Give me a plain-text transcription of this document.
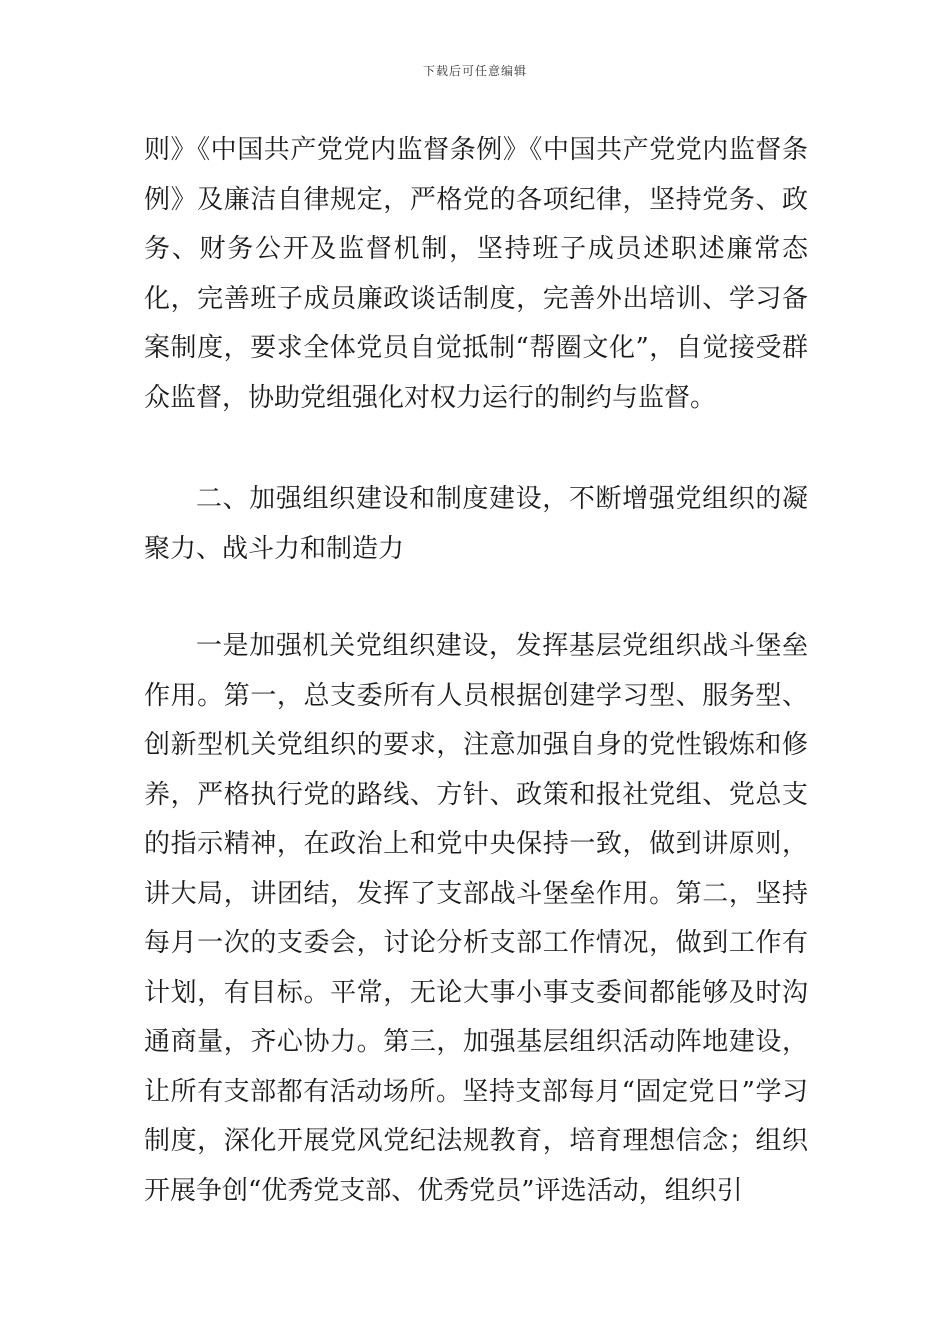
下载后可任意编辑

则》《中国共产党党内监督条例》《中国共产党党内监督条例》及廉洁自律规定，严格党的各项纪律，坚持党务、政务、财务公开及监督机制，坚持班子成员述职述廉常态化，完善班子成员廉政谈话制度，完善外出培训、学习备案制度，要求全体党员自觉抵制“帮圈文化”，自觉接受群众监督，协助党组强化对权力运行的制约与监督。

二、加强组织建设和制度建设，不断增强党组织的凝聚力、战斗力和制造力

一是加强机关党组织建设，发挥基层党组织战斗堡垒作用。第一，总支委所有人员根据创建学习型、服务型、创新型机关党组织的要求，注意加强自身的党性锻炼和修养，严格执行党的路线、方针、政策和报社党组、党总支的指示精神，在政治上和党中央保持一致，做到讲原则，讲大局，讲团结，发挥了支部战斗堡垒作用。第二，坚持每月一次的支委会，讨论分析支部工作情况，做到工作有计划，有目标。平常，无论大事小事支委间都能够及时沟通商量，齐心协力。第三，加强基层组织活动阵地建设，让所有支部都有活动场所。坚持支部每月“固定党日”学习制度，深化开展党风党纪法规教育，培育理想信念；组织开展争创“优秀党支部、优秀党员”评选活动，组织引
